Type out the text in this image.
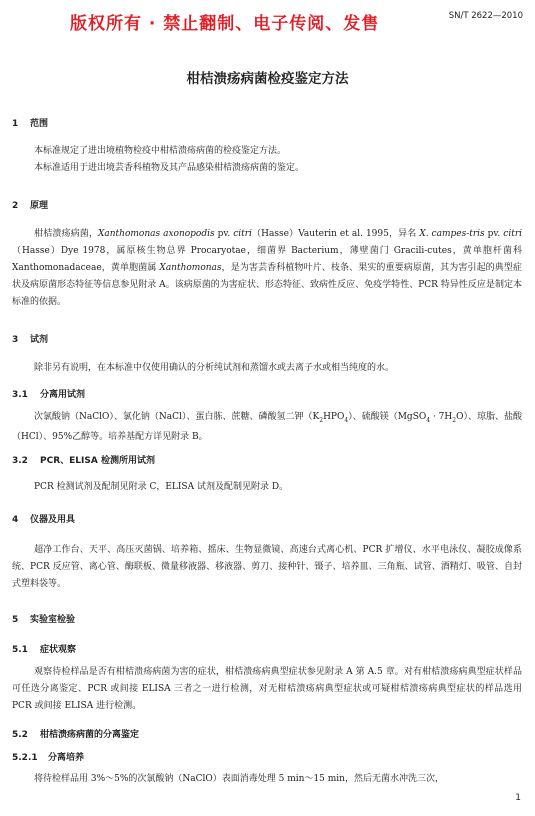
SN/T 2622—2010
版权所有 · 禁止翻制、电子传阅、发售
柑桔溃疡病菌检疫鉴定方法
1 范围
本标准规定了进出境植物检疫中柑桔溃疡病菌的检疫鉴定方法。
本标准适用于进出境芸香科植物及其产品感染柑桔溃疡病菌的鉴定。
2 原理
柑桔溃疡病菌，Xanthomonas axonopodis pv. citri（Hasse）Vauterin et al. 1995，异名 X. campes-tris pv. citri（Hasse）Dye 1978，属原核生物总界 Procaryotae，细菌界 Bacterium，薄壁菌门 Gracili-cutes，黄单胞杆菌科 Xanthomonadaceae，黄单胞菌属 Xanthomonas，是为害芸香科植物叶片、枝条、果实的重要病原菌，其为害引起的典型症状及病原菌形态特征等信息参见附录 A。该病原菌的为害症状、形态特征、致病性反应、免疫学特性、PCR 特异性反应是制定本标准的依据。
3 试剂
除非另有说明，在本标准中仅使用确认的分析纯试剂和蒸馏水或去离子水或相当纯度的水。
3.1 分离用试剂
次氯酸钠（NaClO）、氯化钠（NaCl）、蛋白胨、蔗糖、磷酸氢二钾$(K_2HPO_4)$、硫酸镁（MgSO$_4$ · $7H_2O$）、琼脂、盐酸（HCl）、95%乙醇等。培养基配方详见附录 B。
3.2 PCR、ELISA 检测所用试剂
PCR 检测试剂及配制见附录 C，ELISA 试剂及配制见附录 D。
4 仪器及用具
超净工作台、天平、高压灭菌锅、培养箱、摇床、生物显微镜、高速台式离心机、PCR 扩增仪、水平电泳仪、凝胶成像系统、PCR 反应管、离心管、酶联板、微量移液器、移液器、剪刀、接种针、镊子、培养皿、三角瓶、试管、酒精灯、吸管、自封式塑料袋等。
5 实验室检验
5.1 症状观察
观察待检样品是否有柑桔溃疡病菌为害的症状，柑桔溃疡病典型症状参见附录 A 第 A.5 章。对有柑桔溃疡病典型症状样品可任选分离鉴定、PCR 或间接 ELISA 三者之一进行检测，对无柑桔溃疡病典型症状或可疑柑桔溃疡病典型症状的样品选用 PCR 或间接 ELISA 进行检测。
5.2 柑桔溃疡病菌的分离鉴定
5.2.1 分离培养
将待检样品用 3%～5%的次氯酸钠（NaClO）表面消毒处理 5 min～15 min，然后无菌水冲洗三次，
1
